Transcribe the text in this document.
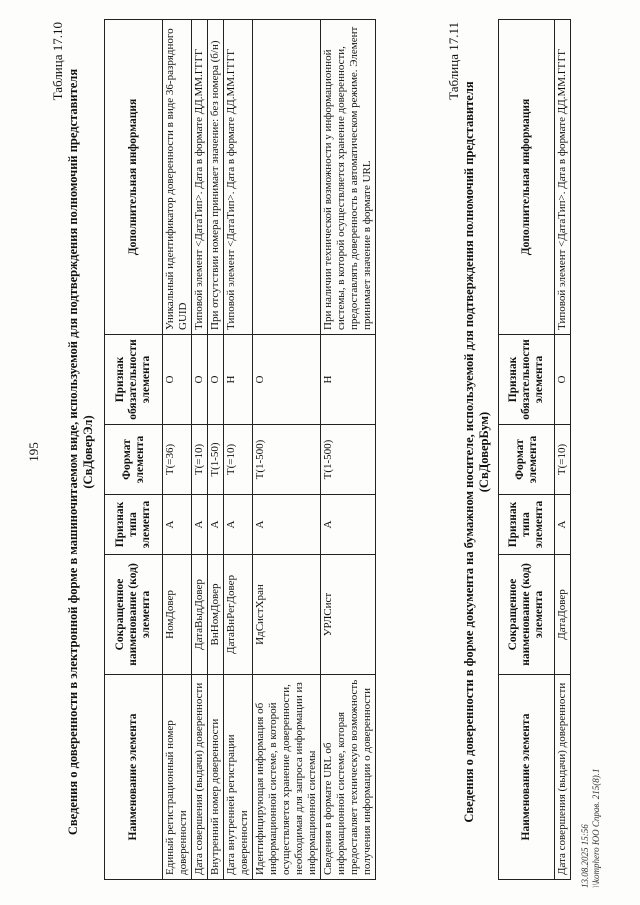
195
Таблица 17.10
Сведения о доверенности в электронной форме в машиночитаемом виде, используемой для подтверждения полномочий представителя (СвДоверЭл)
Наименование элемента	Сокращенное наименование (код) элемента	Признак типа элемента	Формат элемента	Признак обязательности элемента	Дополнительная информация
Единый регистрационный номер доверенности	НомДовер	А	Т(=36)	О	Уникальный идентификатор доверенности в виде 36-разрядного GUID
Дата совершения (выдачи) доверенности	ДатаВыдДовер	А	Т(=10)	О	Типовой элемент <ДатаТип>. Дата в формате ДД.ММ.ГГГГ
Внутренний номер доверенности	ВнНомДовер	А	Т(1-50)	О	При отсутствии номера принимает значение: без номера (б/н)
Дата внутренней регистрации доверенности	ДатаВнРегДовер	А	Т(=10)	Н	Типовой элемент <ДатаТип>. Дата в формате ДД.ММ.ГГГГ
Идентифицирующая информация об информационной системе, в которой осуществляется хранение доверенности, необходимая для запроса информации из информационной системы	ИдСистХран	А	Т(1-500)	О	
Сведения в формате URL об информационной системе, которая предоставляет техническую возможность получения информации о доверенности	УРЛСист	А	Т(1-500)	Н	При наличии технической возможности у информационной системы, в которой осуществляется хранение доверенности, предоставлять доверенность в автоматическом режиме. Элемент принимает значение в формате URL
Таблица 17.11
Сведения о доверенности в форме документа на бумажном носителе, используемой для подтверждения полномочий представителя (СвДоверБум)
Наименование элемента	Сокращенное наименование (код) элемента	Признак типа элемента	Формат элемента	Признак обязательности элемента	Дополнительная информация
Дата совершения (выдачи) доверенности	ДатаДовер	А	Т(=10)	О	Типовой элемент <ДатаТип>. Дата в формате ДД.ММ.ГГГГ
13.08.2025 15:56 \\komphero ЮО Справ. 215(8).1
